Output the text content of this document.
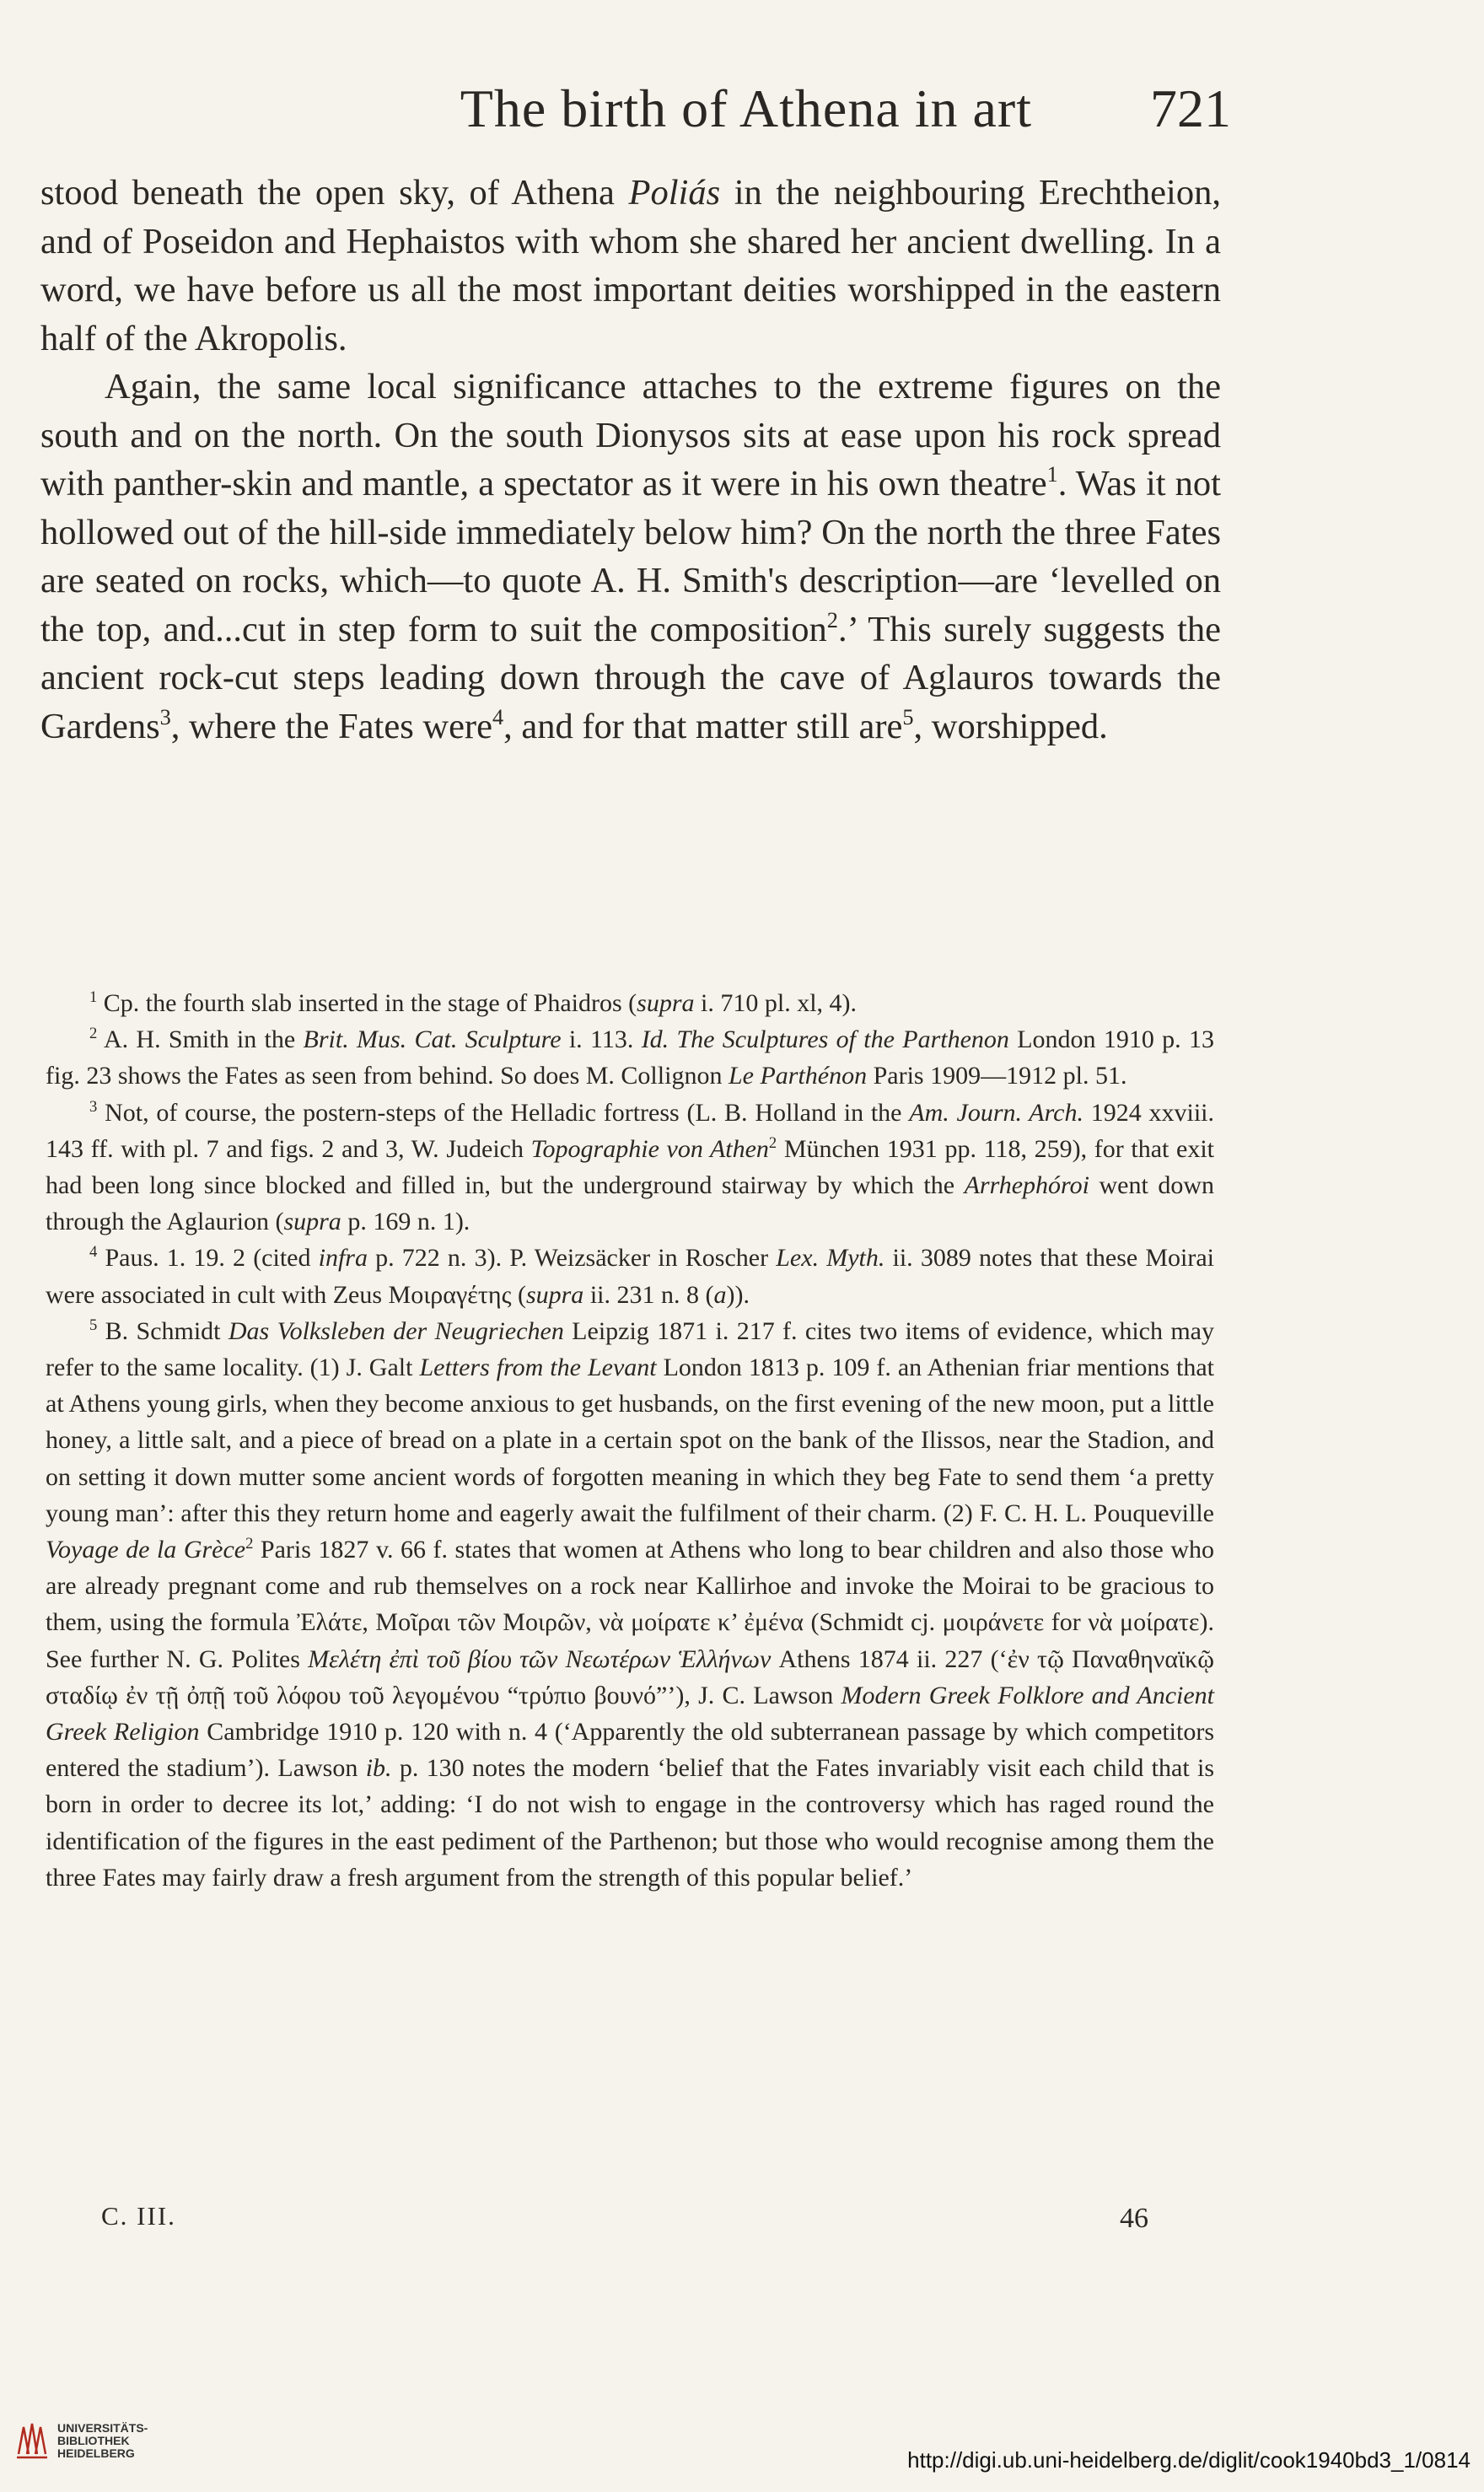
The birth of Athena in art 721

stood beneath the open sky, of Athena Poliás in the neighbouring Erechtheion, and of Poseidon and Hephaistos with whom she shared her ancient dwelling. In a word, we have before us all the most important deities worshipped in the eastern half of the Akropolis.

Again, the same local significance attaches to the extreme figures on the south and on the north. On the south Dionysos sits at ease upon his rock spread with panther-skin and mantle, a spectator as it were in his own theatre$^1$. Was it not hollowed out of the hill-side immediately below him? On the north the three Fates are seated on rocks, which—to quote A. H. Smith's description—are ‘levelled on the top, and...cut in step form to suit the composition$^2$.’ This surely suggests the ancient rock-cut steps leading down through the cave of Aglauros towards the Gardens$^3$, where the Fates were$^4$, and for that matter still are$^5$, worshipped.

$^1$ Cp. the fourth slab inserted in the stage of Phaidros (supra i. 710 pl. xl, 4).

$^2$ A. H. Smith in the Brit. Mus. Cat. Sculpture i. 113. Id. The Sculptures of the Parthenon London 1910 p. 13 fig. 23 shows the Fates as seen from behind. So does M. Collignon Le Parthénon Paris 1909—1912 pl. 51.

$^3$ Not, of course, the postern-steps of the Helladic fortress (L. B. Holland in the Am. Journ. Arch. 1924 xxviii. 143 ff. with pl. 7 and figs. 2 and 3, W. Judeich Topographie von Athen$^2$ München 1931 pp. 118, 259), for that exit had been long since blocked and filled in, but the underground stairway by which the Arrhephóroi went down through the Aglaurion (supra p. 169 n. 1).

$^4$ Paus. 1. 19. 2 (cited infra p. 722 n. 3). P. Weizsäcker in Roscher Lex. Myth. ii. 3089 notes that these Moirai were associated in cult with Zeus Μοιραγέτης (supra ii. 231 n. 8 (a)).

$^5$ B. Schmidt Das Volksleben der Neugriechen Leipzig 1871 i. 217 f. cites two items of evidence, which may refer to the same locality. (1) J. Galt Letters from the Levant London 1813 p. 109 f. an Athenian friar mentions that at Athens young girls, when they become anxious to get husbands, on the first evening of the new moon, put a little honey, a little salt, and a piece of bread on a plate in a certain spot on the bank of the Ilissos, near the Stadion, and on setting it down mutter some ancient words of forgotten meaning in which they beg Fate to send them ‘a pretty young man’: after this they return home and eagerly await the fulfilment of their charm. (2) F. C. H. L. Pouqueville Voyage de la Grèce$^2$ Paris 1827 v. 66 f. states that women at Athens who long to bear children and also those who are already pregnant come and rub themselves on a rock near Kallirhoe and invoke the Moirai to be gracious to them, using the formula Ἐλάτε, Μοῖραι τῶν Μοιρῶν, νὰ μοίρατε κ’ ἐμένα (Schmidt cj. μοιράνετε for νὰ μοίρατε). See further N. G. Polites Μελέτη ἐπὶ τοῦ βίου τῶν Νεωτέρων Ἑλλήνων Athens 1874 ii. 227 (‘ἐν τῷ Παναθηναϊκῷ σταδίῳ ἐν τῇ ὀπῇ τοῦ λόφου τοῦ λεγομένου “τρύπιο βουνό”’), J. C. Lawson Modern Greek Folklore and Ancient Greek Religion Cambridge 1910 p. 120 with n. 4 (‘Apparently the old subterranean passage by which competitors entered the stadium’). Lawson ib. p. 130 notes the modern ‘belief that the Fates invariably visit each child that is born in order to decree its lot,’ adding: ‘I do not wish to engage in the controversy which has raged round the identification of the figures in the east pediment of the Parthenon; but those who would recognise among them the three Fates may fairly draw a fresh argument from the strength of this popular belief.’

C. III.	46
UNIVERSITÄTS-
BIBLIOTHEK
HEIDELBERG	http://digi.ub.uni-heidelberg.de/diglit/cook1940bd3_1/0814
